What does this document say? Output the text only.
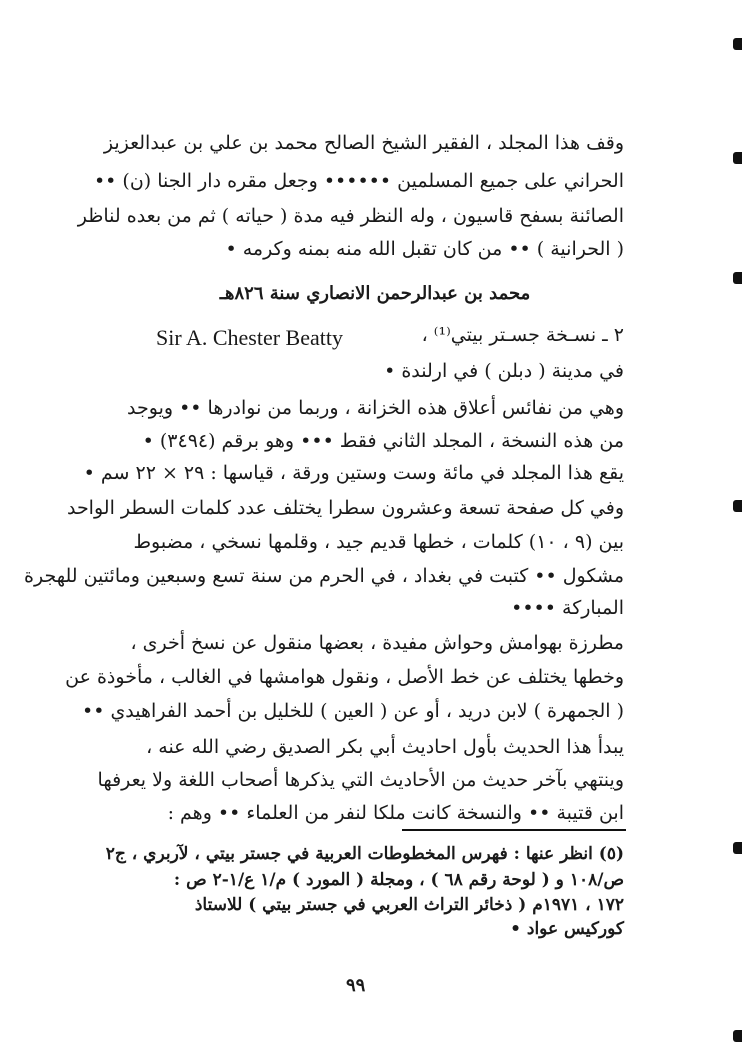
وقف هذا المجلد ، الفقير الشيخ الصالح محمد بن علي بن عبدالعزيز
الحراني على جميع المسلمين •••••• وجعل مقره دار الجنا (ن) ••
الصائنة بسفح قاسيون ، وله النظر فيه مدة ( حياته ) ثم من بعده لناظر
( الحرانية ) •• من كان تقبل الله منه بمنه وكرمه •
محمد بن عبدالرحمن الانصاري سنة ٨٢٦هـ
٢ ـ نسـخة جسـتر بيتي⁽¹⁾ ،
Sir A. Chester Beatty
في مدينة ( دبلن ) في ارلندة •
وهي من نفائس أعلاق هذه الخزانة ، وربما من نوادرها •• ويوجد
من هذه النسخة ، المجلد الثاني فقط ••• وهو برقم (٣٤٩٤) •
يقع هذا المجلد في مائة وست وستين ورقة ، قياسها : ٢٩ × ٢٢ سم •
وفي كل صفحة تسعة وعشرون سطرا يختلف عدد كلمات السطر الواحد
بين (٩ ، ١٠) كلمات ، خطها قديم جيد ، وقلمها نسخي ، مضبوط
مشكول •• كتبت في بغداد ، في الحرم من سنة تسع وسبعين ومائتين للهجرة
المباركة ••••
مطرزة بهوامش وحواش مفيدة ، بعضها منقول عن نسخ أخرى ،
وخطها يختلف عن خط الأصل ، ونقول هوامشها في الغالب ، مأخوذة عن
( الجمهرة ) لابن دريد ، أو عن ( العين ) للخليل بن أحمد الفراهيدي ••
يبدأ هذا الحديث بأول احاديث أبي بكر الصديق رضي الله عنه ،
وينتهي بآخر حديث من الأحاديث التي يذكرها أصحاب اللغة ولا يعرفها
ابن قتيبة •• والنسخة كانت ملكا لنفر من العلماء •• وهم :
(٥) انظر عنها : فهرس المخطوطات العربية في جستر بيتي ، لآربري ، ج٢
ص/١٠٨ و ( لوحة رقم ٦٨ ) ، ومجلة ( المورد ) م/١ ع/١-٢ ص :
١٧٢ ، ١٩٧١م ( ذخائر التراث العربي في جستر بيتي ) للاستاذ
كوركيس عواد •
٩٩
